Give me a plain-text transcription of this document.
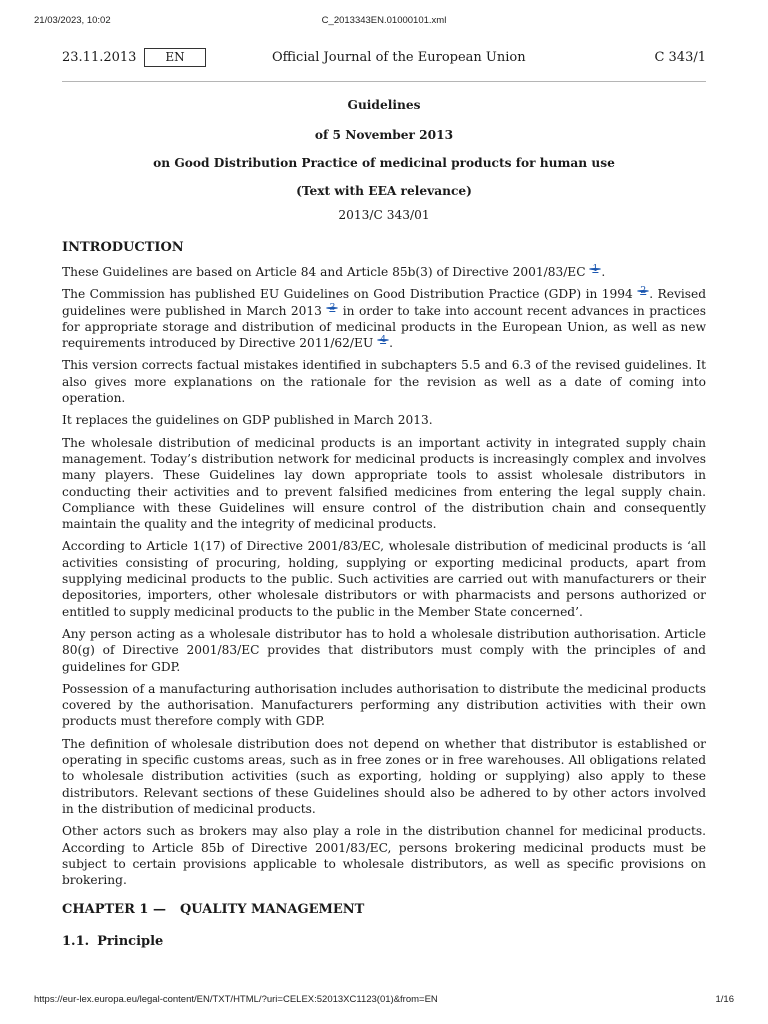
21/03/2023, 10:02	C_2013343EN.01000101.xml
23.11.2013	EN	Official Journal of the European Union	C 343/1
Guidelines
of 5 November 2013
on Good Distribution Practice of medicinal products for human use
(Text with EEA relevance)
2013/C 343/01
INTRODUCTION

These Guidelines are based on Article 84 and Article 85b(3) of Directive 2001/83/EC 1 .

The Commission has published EU Guidelines on Good Distribution Practice (GDP) in 1994 2 . Revised guidelines were published in March 2013 3 in order to take into account recent advances in practices for appropriate storage and distribution of medicinal products in the European Union, as well as new requirements introduced by Directive 2011/62/EU 4 .

This version corrects factual mistakes identified in subchapters 5.5 and 6.3 of the revised guidelines. It also gives more explanations on the rationale for the revision as well as a date of coming into operation.

It replaces the guidelines on GDP published in March 2013.

The wholesale distribution of medicinal products is an important activity in integrated supply chain management. Today’s distribution network for medicinal products is increasingly complex and involves many players. These Guidelines lay down appropriate tools to assist wholesale distributors in conducting their activities and to prevent falsified medicines from entering the legal supply chain. Compliance with these Guidelines will ensure control of the distribution chain and consequently maintain the quality and the integrity of medicinal products.

According to Article 1(17) of Directive 2001/83/EC, wholesale distribution of medicinal products is ‘all activities consisting of procuring, holding, supplying or exporting medicinal products, apart from supplying medicinal products to the public. Such activities are carried out with manufacturers or their depositories, importers, other wholesale distributors or with pharmacists and persons authorized or entitled to supply medicinal products to the public in the Member State concerned’.

Any person acting as a wholesale distributor has to hold a wholesale distribution authorisation. Article 80(g) of Directive 2001/83/EC provides that distributors must comply with the principles of and guidelines for GDP.

Possession of a manufacturing authorisation includes authorisation to distribute the medicinal products covered by the authorisation. Manufacturers performing any distribution activities with their own products must therefore comply with GDP.

The definition of wholesale distribution does not depend on whether that distributor is established or operating in specific customs areas, such as in free zones or in free warehouses. All obligations related to wholesale distribution activities (such as exporting, holding or supplying) also apply to these distributors. Relevant sections of these Guidelines should also be adhered to by other actors involved in the distribution of medicinal products.

Other actors such as brokers may also play a role in the distribution channel for medicinal products. According to Article 85b of Directive 2001/83/EC, persons brokering medicinal products must be subject to certain provisions applicable to wholesale distributors, as well as specific provisions on brokering.

CHAPTER 1 — QUALITY MANAGEMENT
1.1. Principle
https://eur-lex.europa.eu/legal-content/EN/TXT/HTML/?uri=CELEX:52013XC1123(01)&from=EN	1/16
